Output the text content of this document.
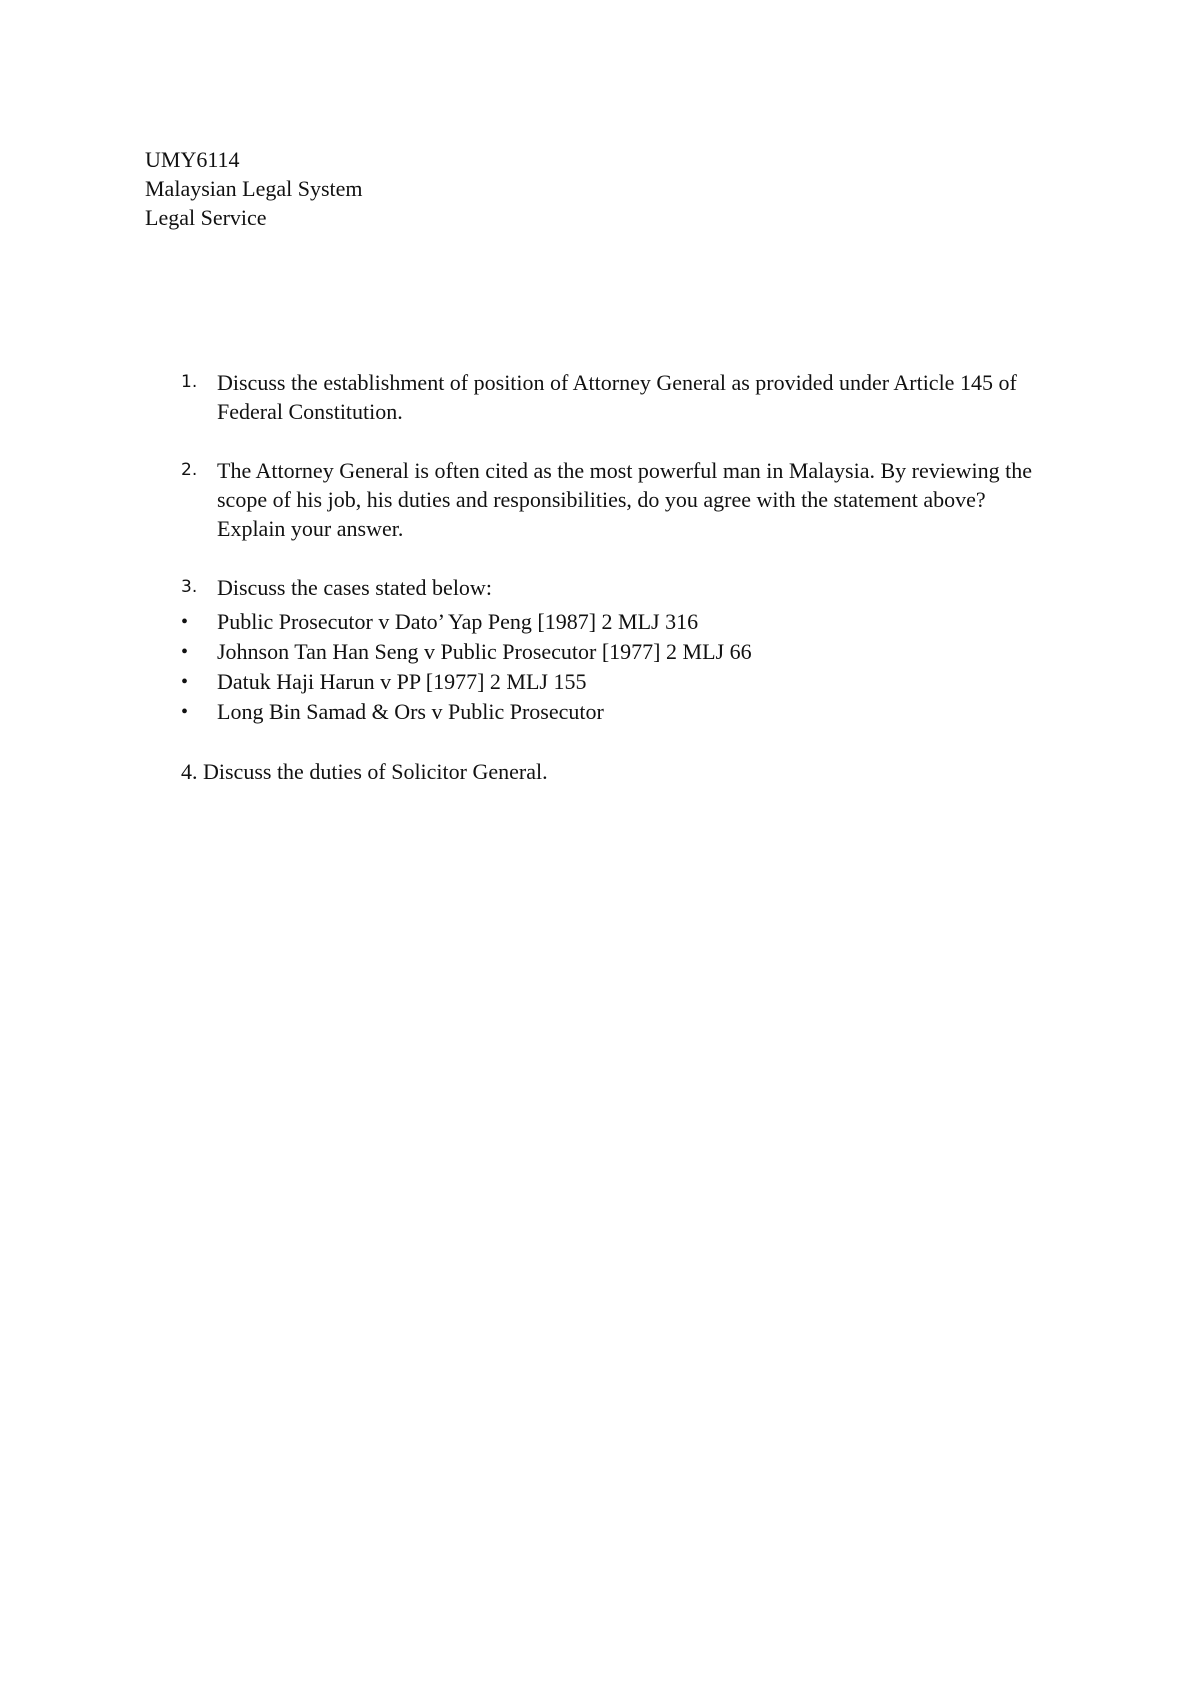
UMY6114
Malaysian Legal System
Legal Service
1. Discuss the establishment of position of Attorney General as provided under Article 145 of Federal Constitution.
2. The Attorney General is often cited as the most powerful man in Malaysia. By reviewing the scope of his job, his duties and responsibilities, do you agree with the statement above? Explain your answer.
3. Discuss the cases stated below:
• Public Prosecutor v Dato’ Yap Peng [1987] 2 MLJ 316
• Johnson Tan Han Seng v Public Prosecutor [1977] 2 MLJ 66
• Datuk Haji Harun v PP [1977] 2 MLJ 155
• Long Bin Samad & Ors v Public Prosecutor
4. Discuss the duties of Solicitor General.
